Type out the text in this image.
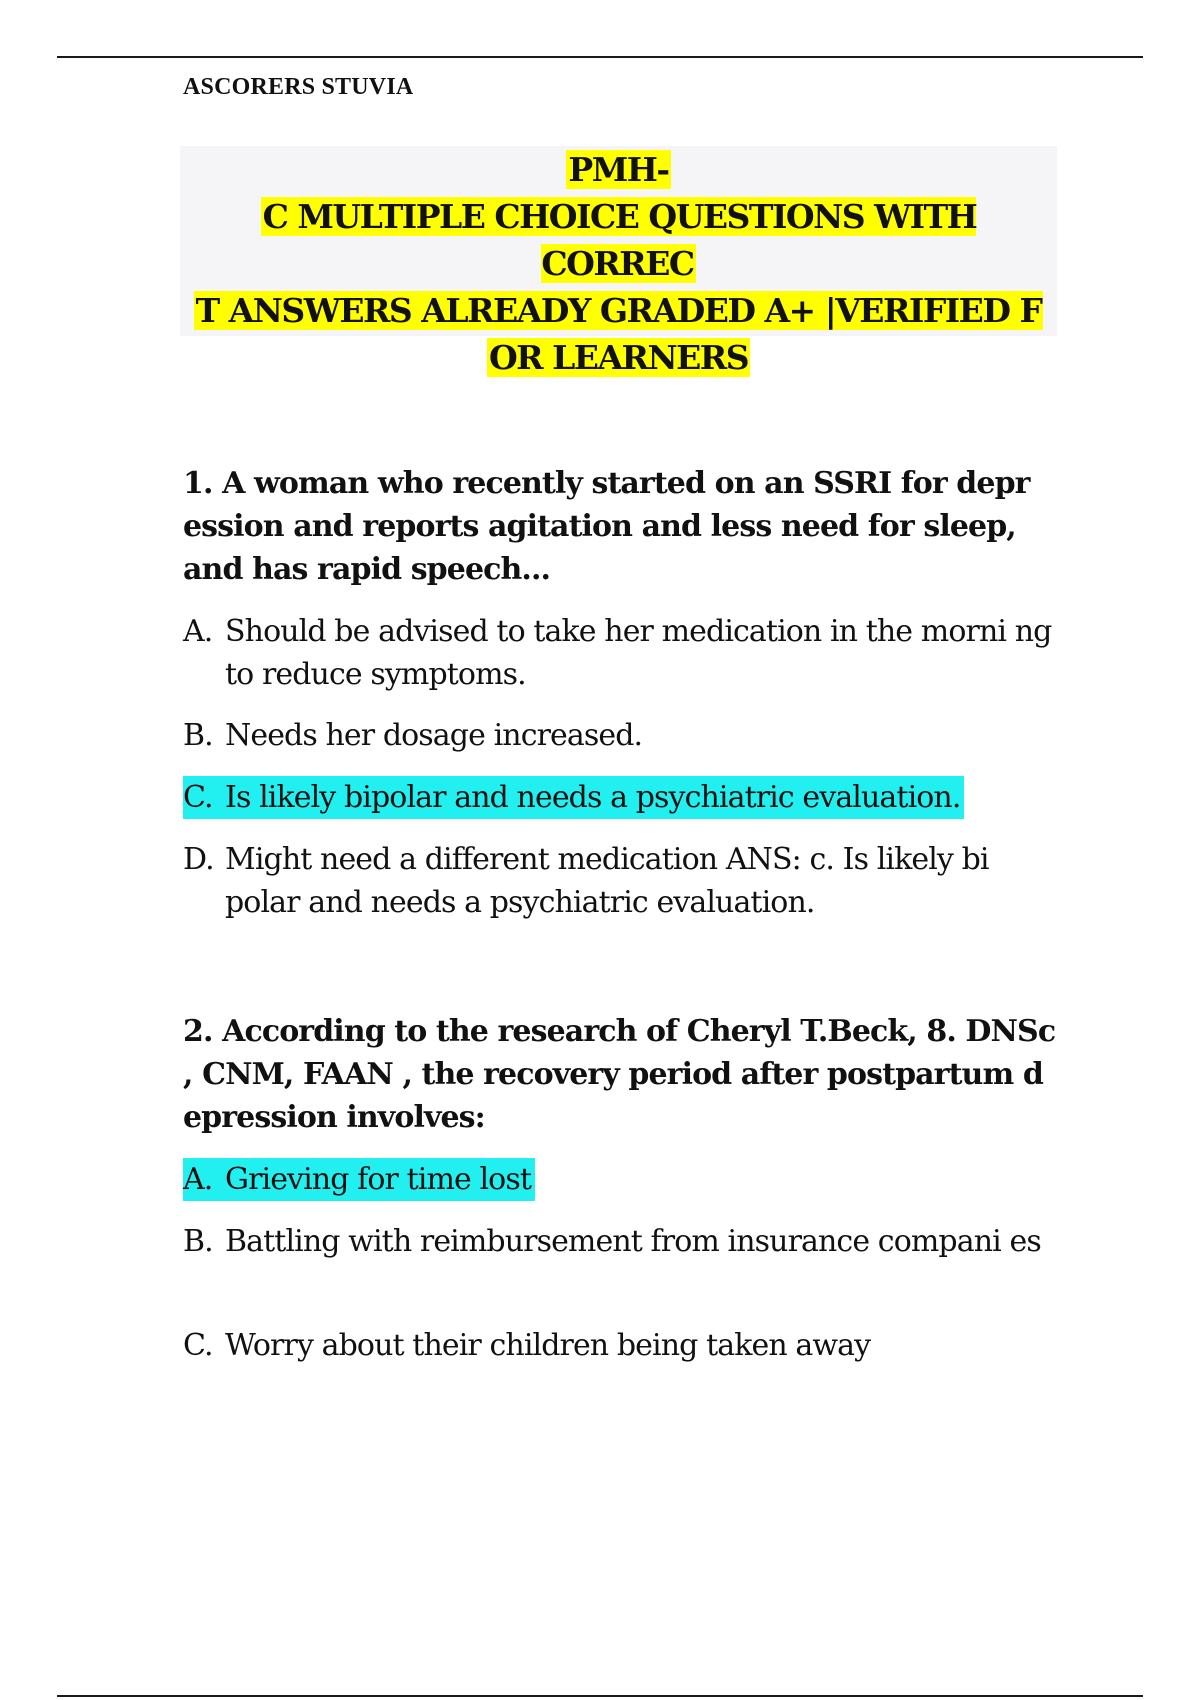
ASCORERS STUVIA
PMH-
C MULTIPLE CHOICE QUESTIONS WITH CORREC
T ANSWERS ALREADY GRADED A+ |VERIFIED F
OR LEARNERS
1. A woman who recently started on an SSRI for depr ession and reports agitation and less need for sleep, and has rapid speech...
A. Should be advised to take her medication in the morni ng to reduce symptoms.
B. Needs her dosage increased.
C. Is likely bipolar and needs a psychiatric evaluation.
D. Might need a different medication ANS: c. Is likely bi polar and needs a psychiatric evaluation.
2. According to the research of Cheryl T.Beck, 8. DNSc , CNM, FAAN , the recovery period after postpartum d epression involves:
A. Grieving for time lost
B. Battling with reimbursement from insurance compani es
C. Worry about their children being taken away
